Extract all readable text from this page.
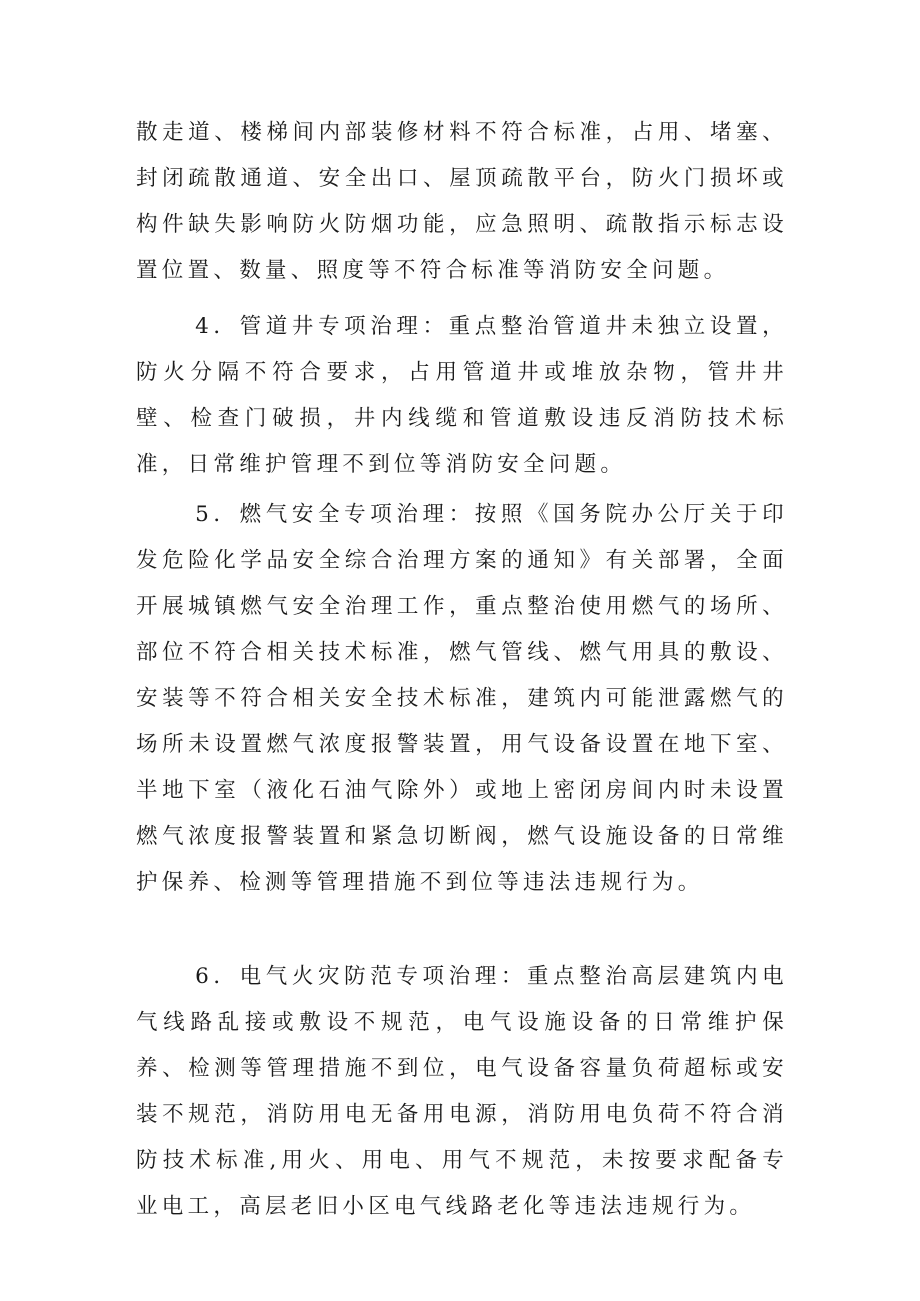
散走道、楼梯间内部装修材料不符合标准，占用、堵塞、封闭疏散通道、安全出口、屋顶疏散平台，防火门损坏或构件缺失影响防火防烟功能，应急照明、疏散指示标志设置位置、数量、照度等不符合标准等消防安全问题。

4．管道井专项治理：重点整治管道井未独立设置，防火分隔不符合要求，占用管道井或堆放杂物，管井井壁、检查门破损，井内线缆和管道敷设违反消防技术标准，日常维护管理不到位等消防安全问题。

5．燃气安全专项治理：按照《国务院办公厅关于印发危险化学品安全综合治理方案的通知》有关部署，全面开展城镇燃气安全治理工作，重点整治使用燃气的场所、部位不符合相关技术标准，燃气管线、燃气用具的敷设、安装等不符合相关安全技术标准，建筑内可能泄露燃气的场所未设置燃气浓度报警装置，用气设备设置在地下室、半地下室（液化石油气除外）或地上密闭房间内时未设置燃气浓度报警装置和紧急切断阀，燃气设施设备的日常维护保养、检测等管理措施不到位等违法违规行为。

6．电气火灾防范专项治理：重点整治高层建筑内电气线路乱接或敷设不规范，电气设施设备的日常维护保养、检测等管理措施不到位，电气设备容量负荷超标或安装不规范，消防用电无备用电源，消防用电负荷不符合消防技术标准,用火、用电、用气不规范，未按要求配备专业电工，高层老旧小区电气线路老化等违法违规行为。
